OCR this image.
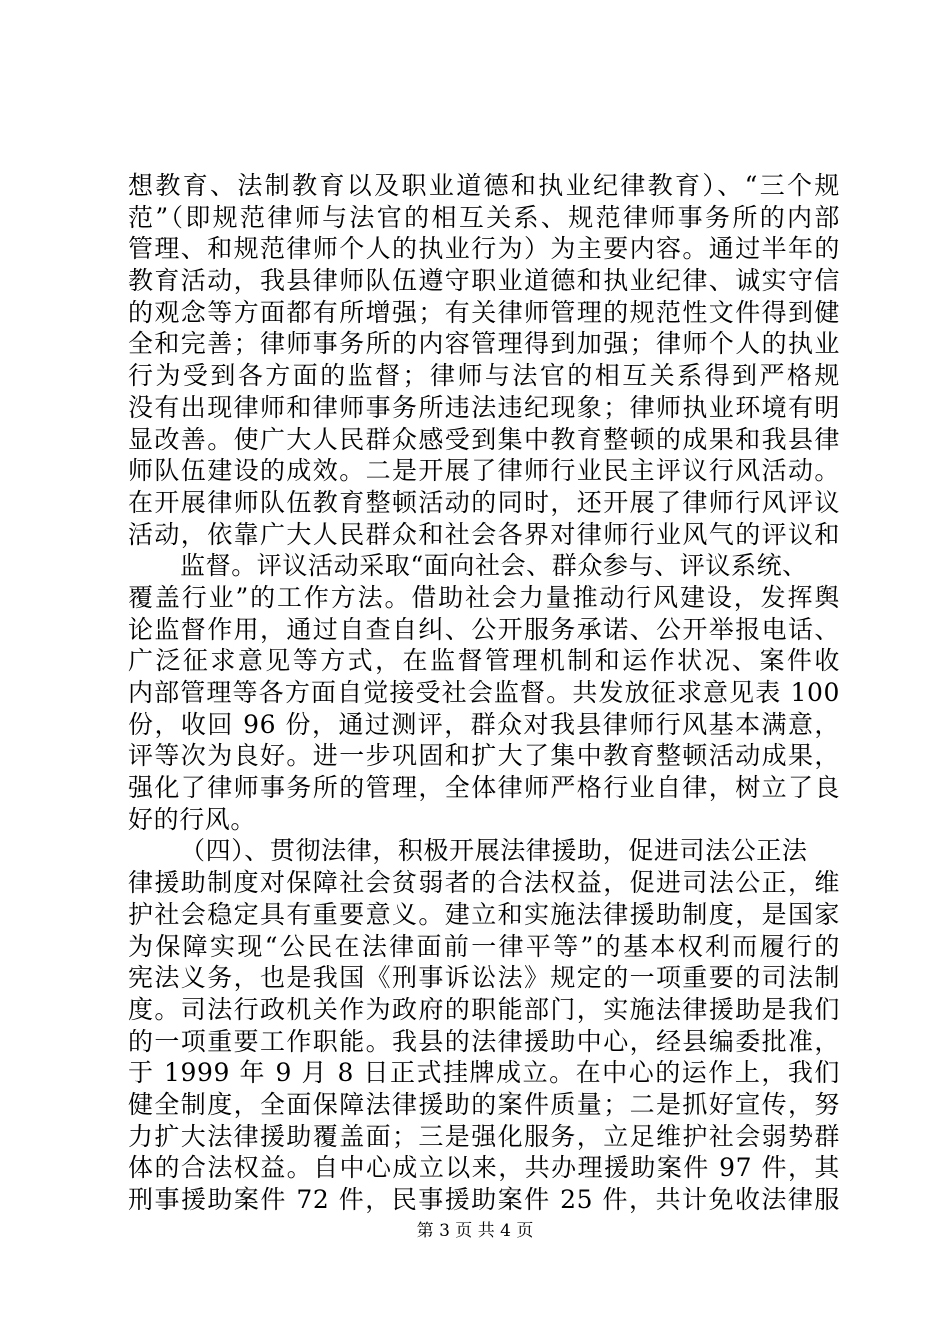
想教育、法制教育以及职业道德和执业纪律教育）、“三个规
范”（即规范律师与法官的相互关系、规范律师事务所的内部
管理、和规范律师个人的执业行为）为主要内容。通过半年的
教育活动，我县律师队伍遵守职业道德和执业纪律、诚实守信
的观念等方面都有所增强；有关律师管理的规范性文件得到健
全和完善；律师事务所的内容管理得到加强；律师个人的执业
行为受到各方面的监督；律师与法官的相互关系得到严格规
没有出现律师和律师事务所违法违纪现象；律师执业环境有明
显改善。使广大人民群众感受到集中教育整顿的成果和我县律
师队伍建设的成效。二是开展了律师行业民主评议行风活动。
在开展律师队伍教育整顿活动的同时，还开展了律师行风评议
活动，依靠广大人民群众和社会各界对律师行业风气的评议和
监督。评议活动采取“面向社会、群众参与、评议系统、
覆盖行业”的工作方法。借助社会力量推动行风建设，发挥舆
论监督作用，通过自查自纠、公开服务承诺、公开举报电话、
广泛征求意见等方式，在监督管理机制和运作状况、案件收
内部管理等各方面自觉接受社会监督。共发放征求意见表 100
份，收回 96 份，通过测评，群众对我县律师行风基本满意，
评等次为良好。进一步巩固和扩大了集中教育整顿活动成果，
强化了律师事务所的管理，全体律师严格行业自律，树立了良
好的行风。
（四）、贯彻法律，积极开展法律援助，促进司法公正法
律援助制度对保障社会贫弱者的合法权益，促进司法公正，维
护社会稳定具有重要意义。建立和实施法律援助制度，是国家
为保障实现“公民在法律面前一律平等”的基本权利而履行的
宪法义务，也是我国《刑事诉讼法》规定的一项重要的司法制
度。司法行政机关作为政府的职能部门，实施法律援助是我们
的一项重要工作职能。我县的法律援助中心，经县编委批准，
于 1999 年 9 月 8 日正式挂牌成立。在中心的运作上，我们
健全制度，全面保障法律援助的案件质量；二是抓好宣传，努
力扩大法律援助覆盖面；三是强化服务，立足维护社会弱势群
体的合法权益。自中心成立以来，共办理援助案件 97 件，其
刑事援助案件 72 件，民事援助案件 25 件，共计免收法律服
第 3 页 共 4 页
